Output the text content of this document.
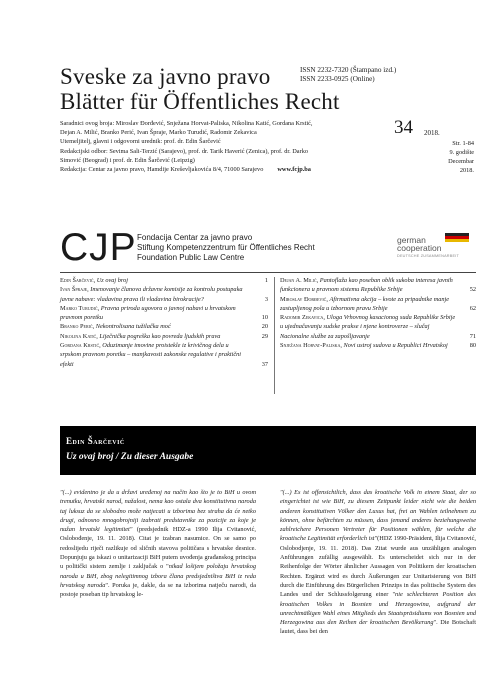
Sveske za javno pravo
Blätter für Öffentliches Recht
ISSN 2232-7320 (Štampano izd.)
ISSN 2233-0925 (Online)
Saradnici ovog broja: Miroslav Đorđević, Snježana Horvat-Paliska, Nikolina Katić, Gordana Krstić,
Dejan A. Milić, Branko Perić, Ivan Špraje, Marko Turudić, Radomir Zekavica
Utemeljitelj, glavni i odgovorni urednik: prof. dr. Edin Šarčević
Redakcijski odbor: Sevima Sali-Terzić (Sarajevo), prof. dr. Tarik Haverić (Zenica), prof. dr. Darko
Simović (Beograd) i prof. dr. Edin Šarčević (Leipzig)
Redakcija: Centar za javno pravo, Hamdije Kreševljakovića 8/4, 71000 Sarajevo www.fcjp.ba
34	2018.
Str. 1-84
9. godište
Decembar
2018.
CJP Fondacija Centar za javno pravo
Stiftung Kompetenzzentrum für Öffentliches Recht
Foundation Public Law Centre
german
cooperation
DEUTSCHE ZUSAMMENARBEIT
Edin Šarčević, Uz ovaj broj	1
Ivan Špraje, Imenovanje članova državne komisije za kontrolu postupaka javne nabave: vladavina prava ili vladavina birokracije?	3
Marko Turudić, Pravna priroda ugovora o javnoj nabavi u hrvatskom pravnom poretku	10
Branko Perić, Nekontrolisana tužilačka moć	20
Nikolina Katić, Liječnička pogreška kao povreda ljudskih prava	29
Gordana Krstić, Oduzimanje imovine proistekle iz krivičnog dela u srpskom pravnom poretku – manjkavosti zakonske regulative i praktični efekti	37
Dejan A. Milić, Pantoflaža kao poseban oblik sukoba interesa javnih funkcionera u pravnom sistemu Republike Srbije	52
Miroslav Đorđević, Afirmativna akcija – kvote za pripadnike manje zastupljenog pola u izbornom pravu Srbije	62
Radomir Zekavica, Uloga Vrhovnog kasacionog suda Republike Srbije u ujednačavanju sudske prakse i njene kontroverze – slučaj Nacionalne službe za zapošljavanje	71
Snježana Horvat-Paliska, Novi ustroj sudova u Republici Hrvatskoj	80
Edin Šarčević
Uz ovaj broj / Zu dieser Ausgabe
"(...) evidentno je da u državi uređenoj na način kao što je to BiH u ovom trenutku, hrvatski narod, nažalost, nema kao ostala dva konstitutivna naroda taj luksuz da se slobodno može natjecati u izborima bez straha da će netko drugi, odnosno mnogobrojniji izabrati predstavnike za pozicije za koje je nužan hrvatski legitimitet" (predsjednik HDZ-a 1990 Ilija Cvitanović, Oslobođenje, 19. 11. 2018). Citat je izabran nasumice. On se samo po redoslijedu riječi razlikuje od sličnih stavova političara s hrvatske desnice. Dopunjuju ga iskazi o unitarizaciji BiH putem uvođenja građanskog principa u politički sistem zemlje i zaključak o "nikad lošijem položaju hrvatskog naroda u BiH, zbog nelegitimnog izbora člana predsjedništva BiH iz reda hrvatskog naroda". Poruka je, dakle, da se na izborima natječu narodi, da postoje poseban tip hrvatskog le-
"(...) Es ist offensichtlich, dass das kroatische Volk in einem Staat, der so eingerichtet ist wie BiH, zu diesem Zeitpunkt leider nicht wie die beiden anderen konstitutiven Völker den Luxus hat, frei an Wahlen teilnehmen zu können, ohne befürchten zu müssen, dass jemand anderes beziehungsweise zahlreichere Personen Vertreter für Positionen wählen, für welche die kroatische Legitimität erforderlich ist"(HDZ 1990-Präsident, Ilija Cvitanović, Oslobodjenje, 19. 11. 2018). Das Zitat wurde aus unzähligen analogen Anführungen zufällig ausgewählt. Es unterscheidet sich nur in der Reihenfolge der Wörter ähnlicher Aussagen von Politikern der kroatischen Rechten. Ergänzt wird es durch Äußerungen zur Unitarisierung von BiH durch die Einführung des Bürgerlichen Prinzips in das politische System des Landes und der Schlussfolgerung einer "nie schlechteren Position des kroatischen Volkes in Bosnien und Herzegowina, aufgrund der unrechtmäßigen Wahl eines Mitglieds des Staatspräsidiums von Bosnien und Herzegowina aus den Reihen der kroatischen Bevölkerung". Die Botschaft lautet, dass bei den
